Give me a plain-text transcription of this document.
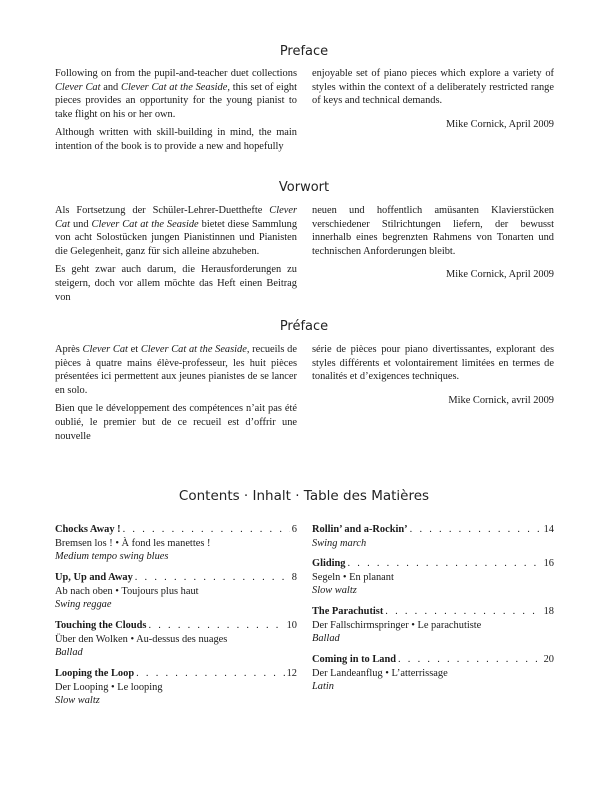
Preface

Following on from the pupil-and-teacher duet collections Clever Cat and Clever Cat at the Seaside, this set of eight pieces provides an opportunity for the young pianist to take flight on his or her own.

Although written with skill-building in mind, the main intention of the book is to provide a new and hopefully

enjoyable set of piano pieces which explore a variety of styles within the context of a deliberately restricted range of keys and technical demands.

Mike Cornick, April 2009
Vorwort

Als Fortsetzung der Schüler-Lehrer-Duetthefte Clever Cat und Clever Cat at the Seaside bietet diese Sammlung von acht Solostücken jungen Pianistinnen und Pianisten die Gelegenheit, ganz für sich alleine abzuheben.

Es geht zwar auch darum, die Herausforderungen zu steigern, doch vor allem möchte das Heft einen Beitrag von

neuen und hoffentlich amüsanten Klavierstücken verschiedener Stilrichtungen liefern, der bewusst innerhalb eines begrenzten Rahmens von Tonarten und technischen Anforderungen bleibt.

Mike Cornick, April 2009
Préface

Après Clever Cat et Clever Cat at the Seaside, recueils de pièces à quatre mains élève-professeur, les huit pièces présentées ici permettent aux jeunes pianistes de se lancer en solo.

Bien que le développement des compétences n’ait pas été oublié, le premier but de ce recueil est d’offrir une nouvelle

série de pièces pour piano divertissantes, explorant des styles différents et volontairement limitées en termes de tonalités et d’exigences techniques.

Mike Cornick, avril 2009
Contents · Inhalt · Table des Matières
Chocks Away ! . . .	6
Bremsen los ! • À fond les manettes !
Medium tempo swing blues
Up, Up and Away . . .	8
Ab nach oben • Toujours plus haut
Swing reggae
Touching the Clouds . . .	10
Über den Wolken • Au-dessus des nuages
Ballad
Looping the Loop . . .	12
Der Looping • Le looping
Slow waltz
Rollin’ and a-Rockin’ . . .	14
Swing march
Gliding . . .	16
Segeln • En planant
Slow waltz
The Parachutist . . .	18
Der Fallschirmspringer • Le parachutiste
Ballad
Coming in to Land . . .	20
Der Landeanflug • L’atterrissage
Latin
